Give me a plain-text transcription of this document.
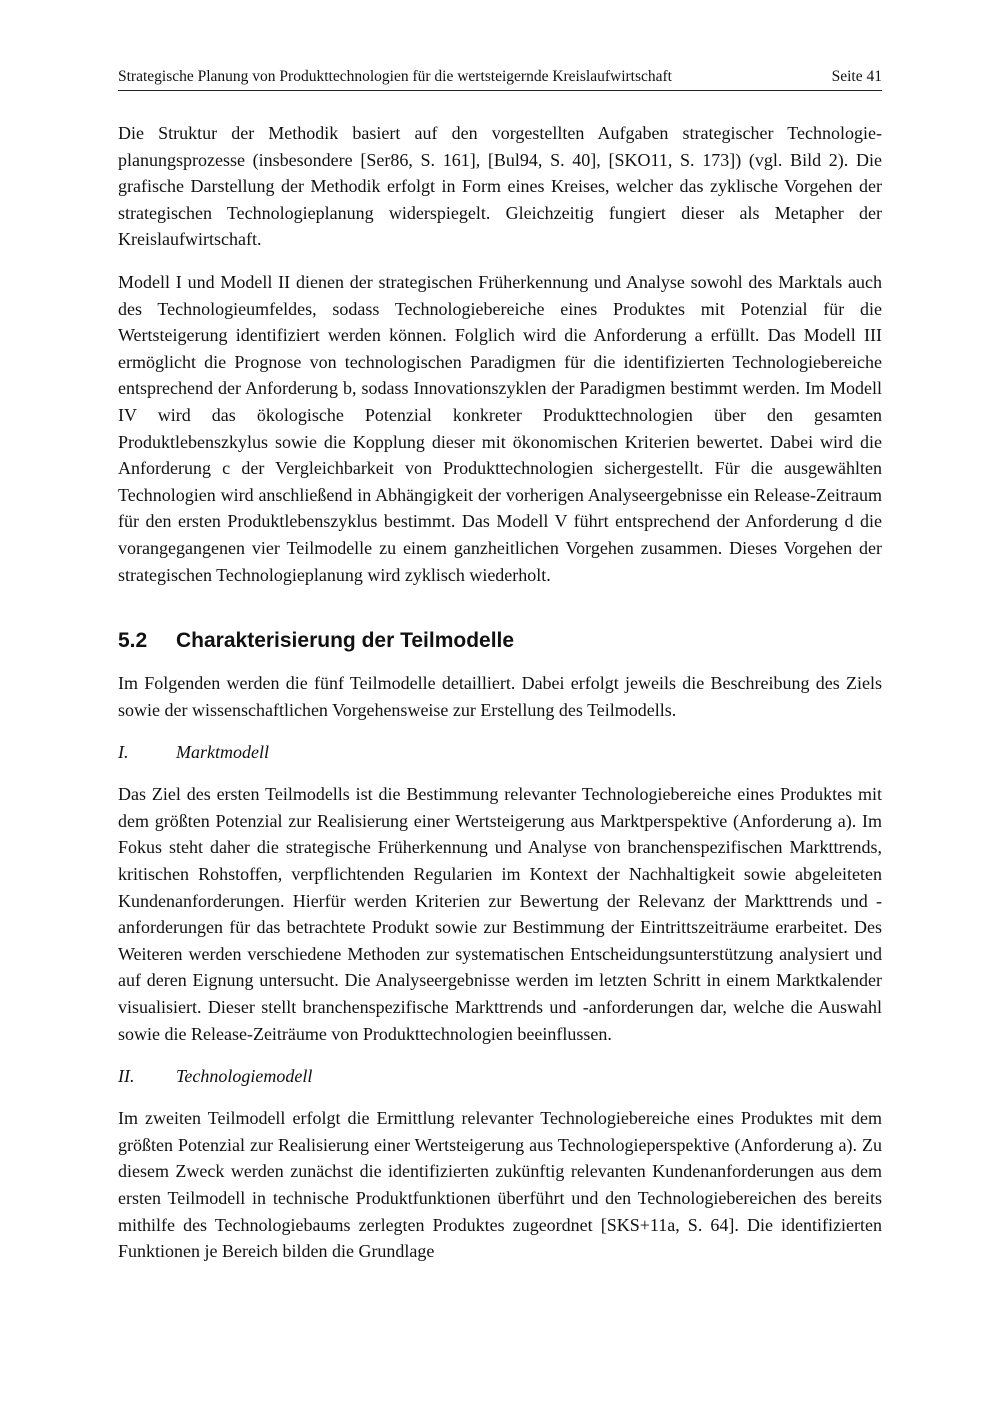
Strategische Planung von Produkttechnologien für die wertsteigernde Kreislaufwirtschaft	Seite 41

Die Struktur der Methodik basiert auf den vorgestellten Aufgaben strategischer Technologieplanungsprozesse (insbesondere [Ser86, S. 161], [Bul94, S. 40], [SKO11, S. 173]) (vgl. Bild 2). Die grafische Darstellung der Methodik erfolgt in Form eines Kreises, welcher das zyklische Vorgehen der strategischen Technologieplanung widerspiegelt. Gleichzeitig fungiert dieser als Metapher der Kreislaufwirtschaft.

Modell I und Modell II dienen der strategischen Früherkennung und Analyse sowohl des Marktals auch des Technologieumfeldes, sodass Technologiebereiche eines Produktes mit Potenzial für die Wertsteigerung identifiziert werden können. Folglich wird die Anforderung a erfüllt. Das Modell III ermöglicht die Prognose von technologischen Paradigmen für die identifizierten Technologiebereiche entsprechend der Anforderung b, sodass Innovationszyklen der Paradigmen bestimmt werden. Im Modell IV wird das ökologische Potenzial konkreter Produkttechnologien über den gesamten Produktlebenszkylus sowie die Kopplung dieser mit ökonomischen Kriterien bewertet. Dabei wird die Anforderung c der Vergleichbarkeit von Produkttechnologien sichergestellt. Für die ausgewählten Technologien wird anschließend in Abhängigkeit der vorherigen Analyseergebnisse ein Release-Zeitraum für den ersten Produktlebenszyklus bestimmt. Das Modell V führt entsprechend der Anforderung d die vorangegangenen vier Teilmodelle zu einem ganzheitlichen Vorgehen zusammen. Dieses Vorgehen der strategischen Technologieplanung wird zyklisch wiederholt.

5.2 Charakterisierung der Teilmodelle

Im Folgenden werden die fünf Teilmodelle detailliert. Dabei erfolgt jeweils die Beschreibung des Ziels sowie der wissenschaftlichen Vorgehensweise zur Erstellung des Teilmodells.

I.	Marktmodell

Das Ziel des ersten Teilmodells ist die Bestimmung relevanter Technologiebereiche eines Produktes mit dem größten Potenzial zur Realisierung einer Wertsteigerung aus Marktperspektive (Anforderung a). Im Fokus steht daher die strategische Früherkennung und Analyse von branchenspezifischen Markttrends, kritischen Rohstoffen, verpflichtenden Regularien im Kontext der Nachhaltigkeit sowie abgeleiteten Kundenanforderungen. Hierfür werden Kriterien zur Bewertung der Relevanz der Markttrends und -anforderungen für das betrachtete Produkt sowie zur Bestimmung der Eintrittszeiträume erarbeitet. Des Weiteren werden verschiedene Methoden zur systematischen Entscheidungsunterstützung analysiert und auf deren Eignung untersucht. Die Analyseergebnisse werden im letzten Schritt in einem Marktkalender visualisiert. Dieser stellt branchenspezifische Markttrends und -anforderungen dar, welche die Auswahl sowie die Release-Zeiträume von Produkttechnologien beeinflussen.

II. Technologiemodell

Im zweiten Teilmodell erfolgt die Ermittlung relevanter Technologiebereiche eines Produktes mit dem größten Potenzial zur Realisierung einer Wertsteigerung aus Technologieperspektive (Anforderung a). Zu diesem Zweck werden zunächst die identifizierten zukünftig relevanten Kundenanforderungen aus dem ersten Teilmodell in technische Produktfunktionen überführt und den Technologiebereichen des bereits mithilfe des Technologiebaums zerlegten Produktes zugeordnet [SKS+11a, S. 64]. Die identifizierten Funktionen je Bereich bilden die Grundlage
